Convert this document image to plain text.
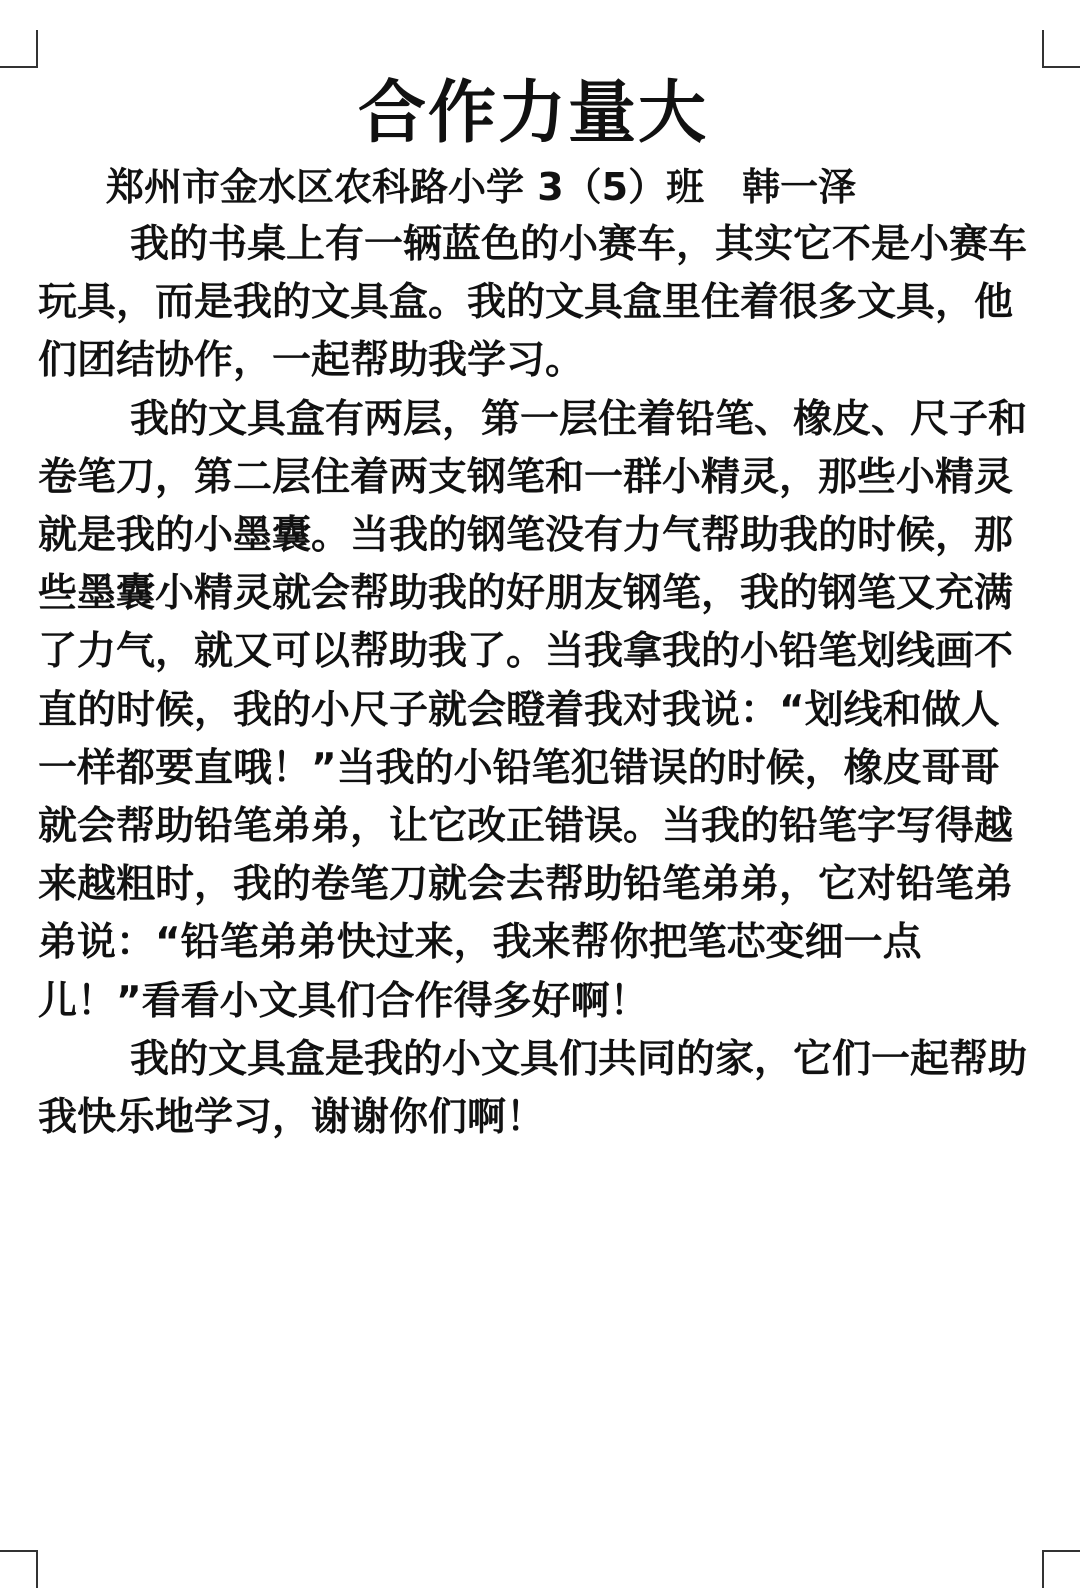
合作力量大

郑州市金水区农科路小学 3（5）班　韩一泽

我的书桌上有一辆蓝色的小赛车，其实它不是小赛车玩具，而是我的文具盒。我的文具盒里住着很多文具，他们团结协作，一起帮助我学习。

我的文具盒有两层，第一层住着铅笔、橡皮、尺子和卷笔刀，第二层住着两支钢笔和一群小精灵，那些小精灵就是我的小墨囊。当我的钢笔没有力气帮助我的时候，那些墨囊小精灵就会帮助我的好朋友钢笔，我的钢笔又充满了力气，就又可以帮助我了。当我拿我的小铅笔划线画不直的时候，我的小尺子就会瞪着我对我说：“划线和做人一样都要直哦！”当我的小铅笔犯错误的时候，橡皮哥哥就会帮助铅笔弟弟，让它改正错误。当我的铅笔字写得越来越粗时，我的卷笔刀就会去帮助铅笔弟弟，它对铅笔弟弟说：“铅笔弟弟快过来，我来帮你把笔芯变细一点儿！”看看小文具们合作得多好啊！

我的文具盒是我的小文具们共同的家，它们一起帮助我快乐地学习，谢谢你们啊！
